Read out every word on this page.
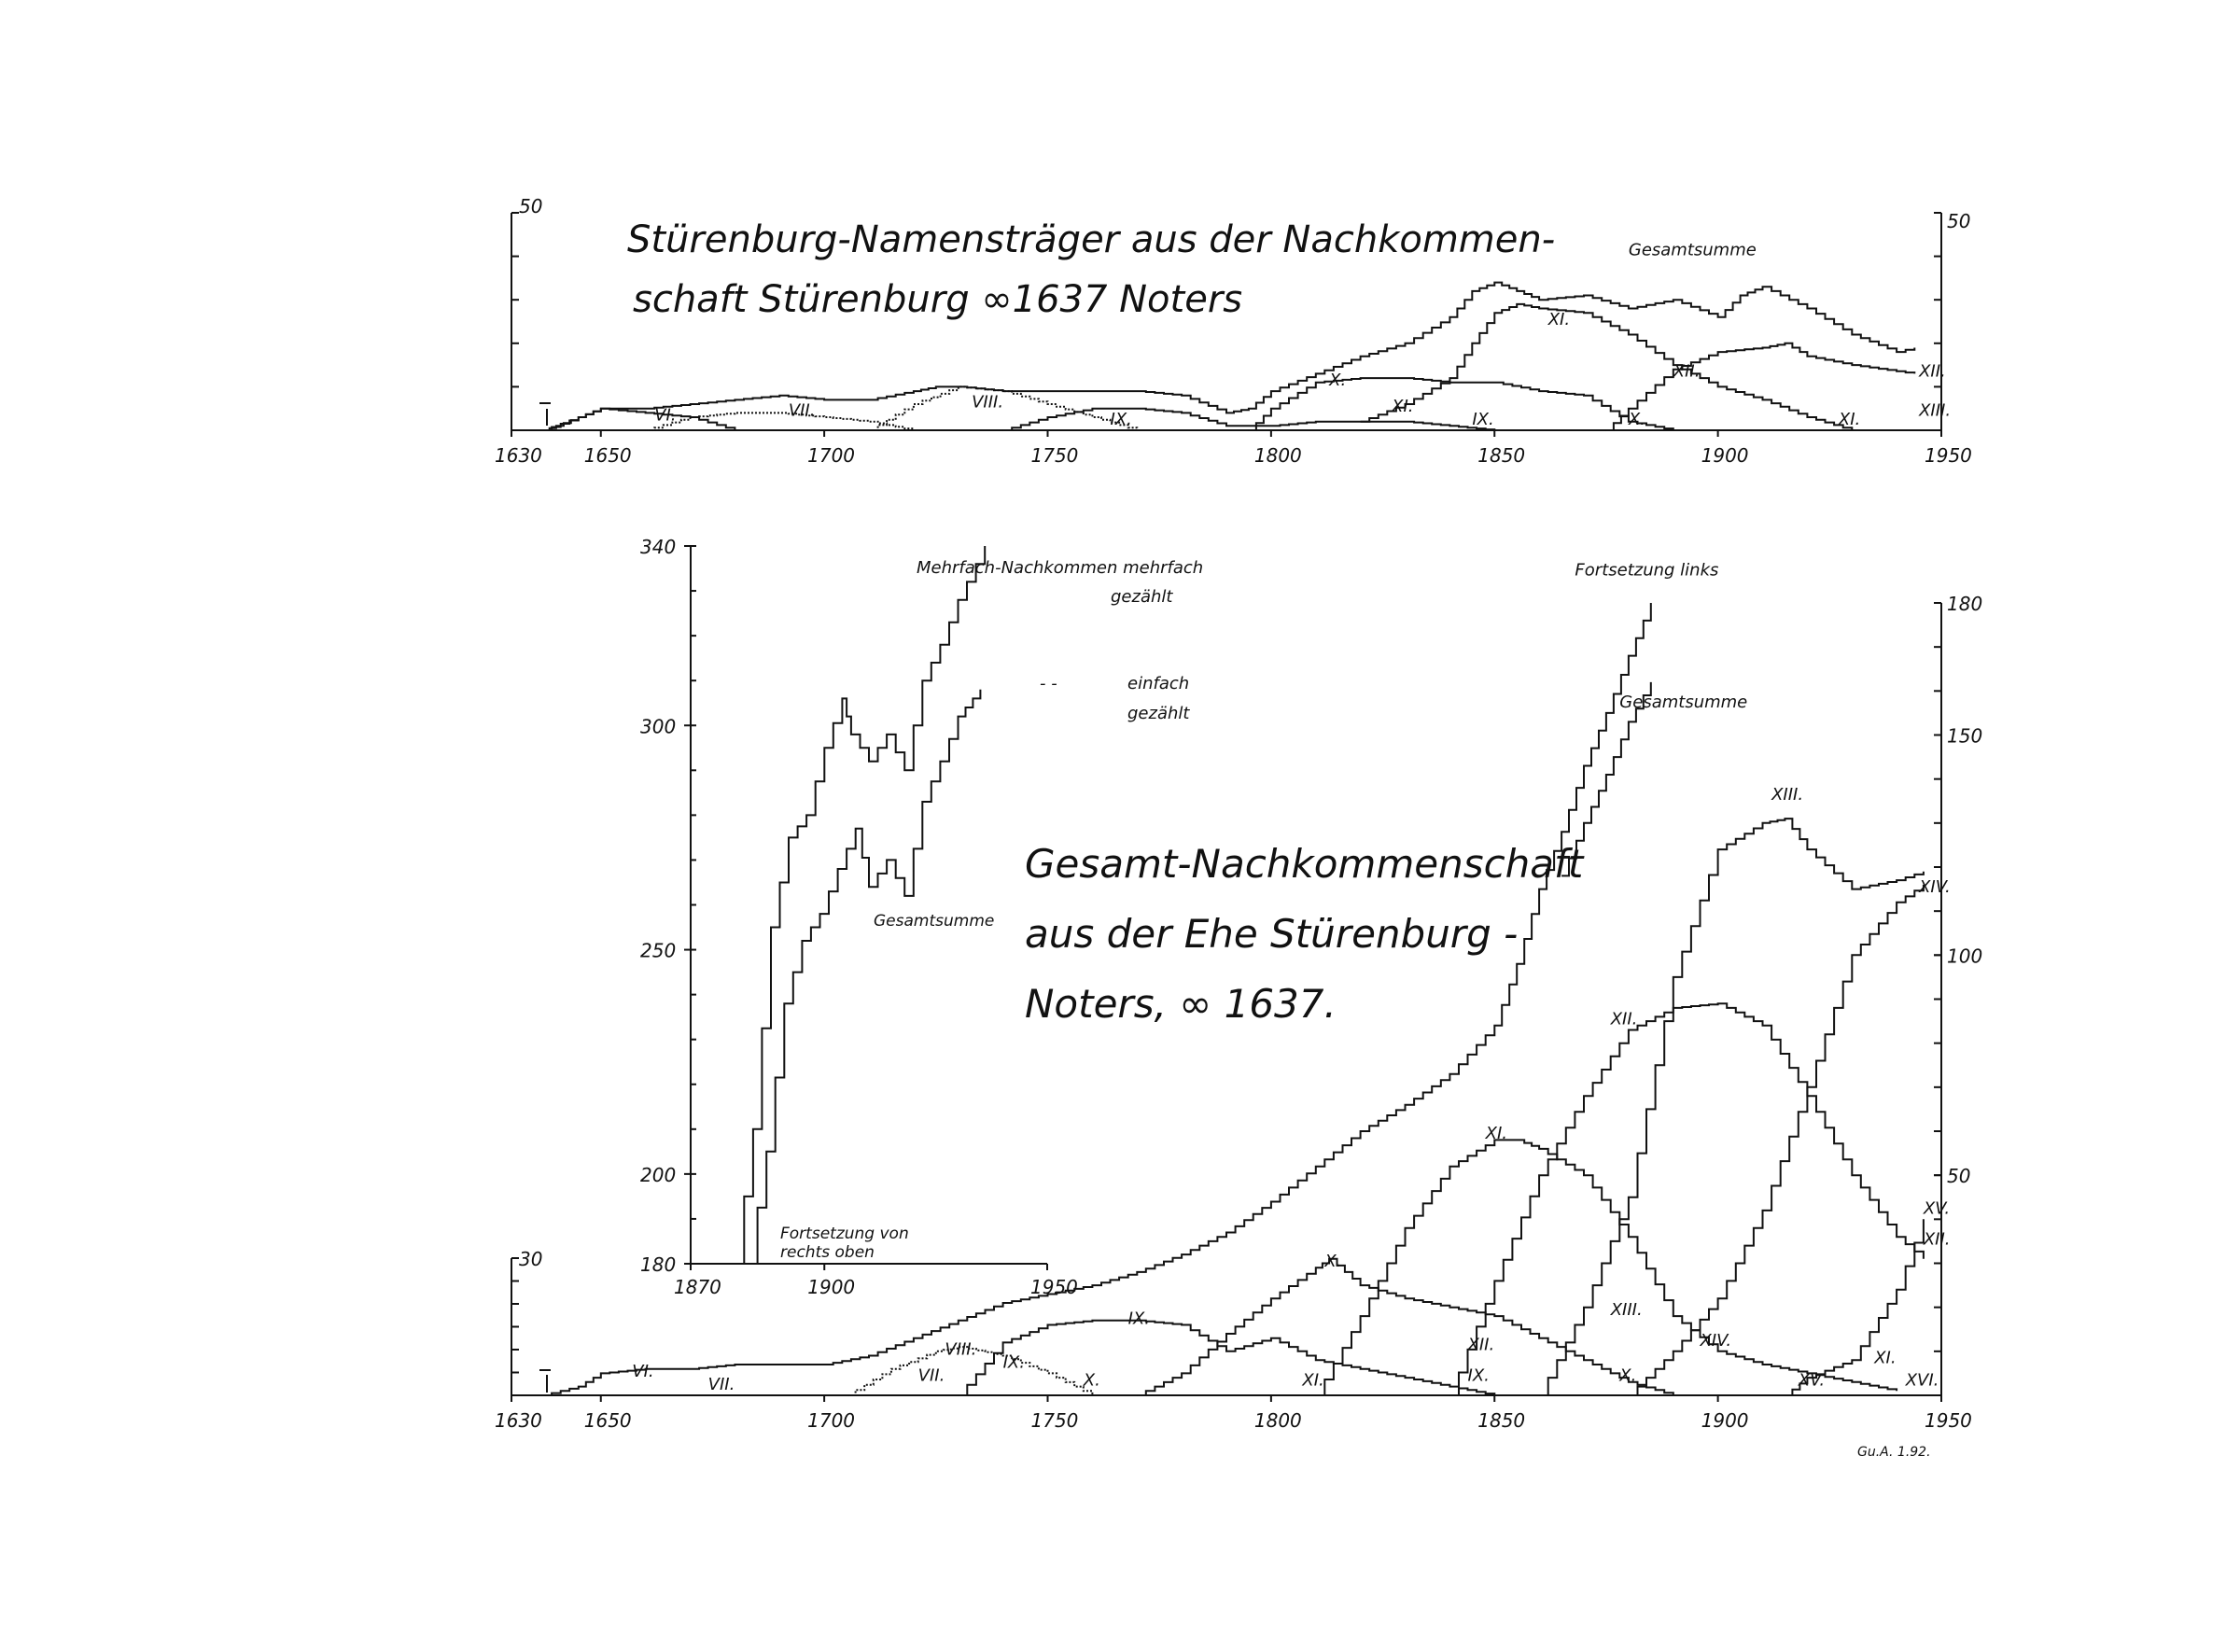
1630 1650	1700	1750	1800	1850	1900	1950
50
50
Stürenburg-Namensträger aus der Nachkommen-
schaft Stürenburg ∞1637 Noters
Gesamtsumme
XI.
XII.
XII.
X.
XI.
IX.	X.	XI.	XIII.
VIII.
VII.
VI.	IX.
1630 1650	1700	1750	1800	1850	1900	1950
50
100
150
180
30
Gesamt-Nachkommenschaft
aus der Ehe Stürenburg -
Noters, ∞ 1637.
Fortsetzung links
Gesamtsumme
XIII.
XIV.
XII.
XI.
X.
XV.
XII.
XIII.
XIV.
XII.
IX.	X.	XV.
XI.
XVI.
IX.
VIII.
VII.
IX.
X.	XI.
VI.
VII.
Gu.A. 1.92.
1870	1900	1950
180
200
250
300
340
Mehrfach-Nachkommen mehrfach
gezählt
- -	einfach
gezählt
Gesamtsumme
Fortsetzung von
rechts oben
